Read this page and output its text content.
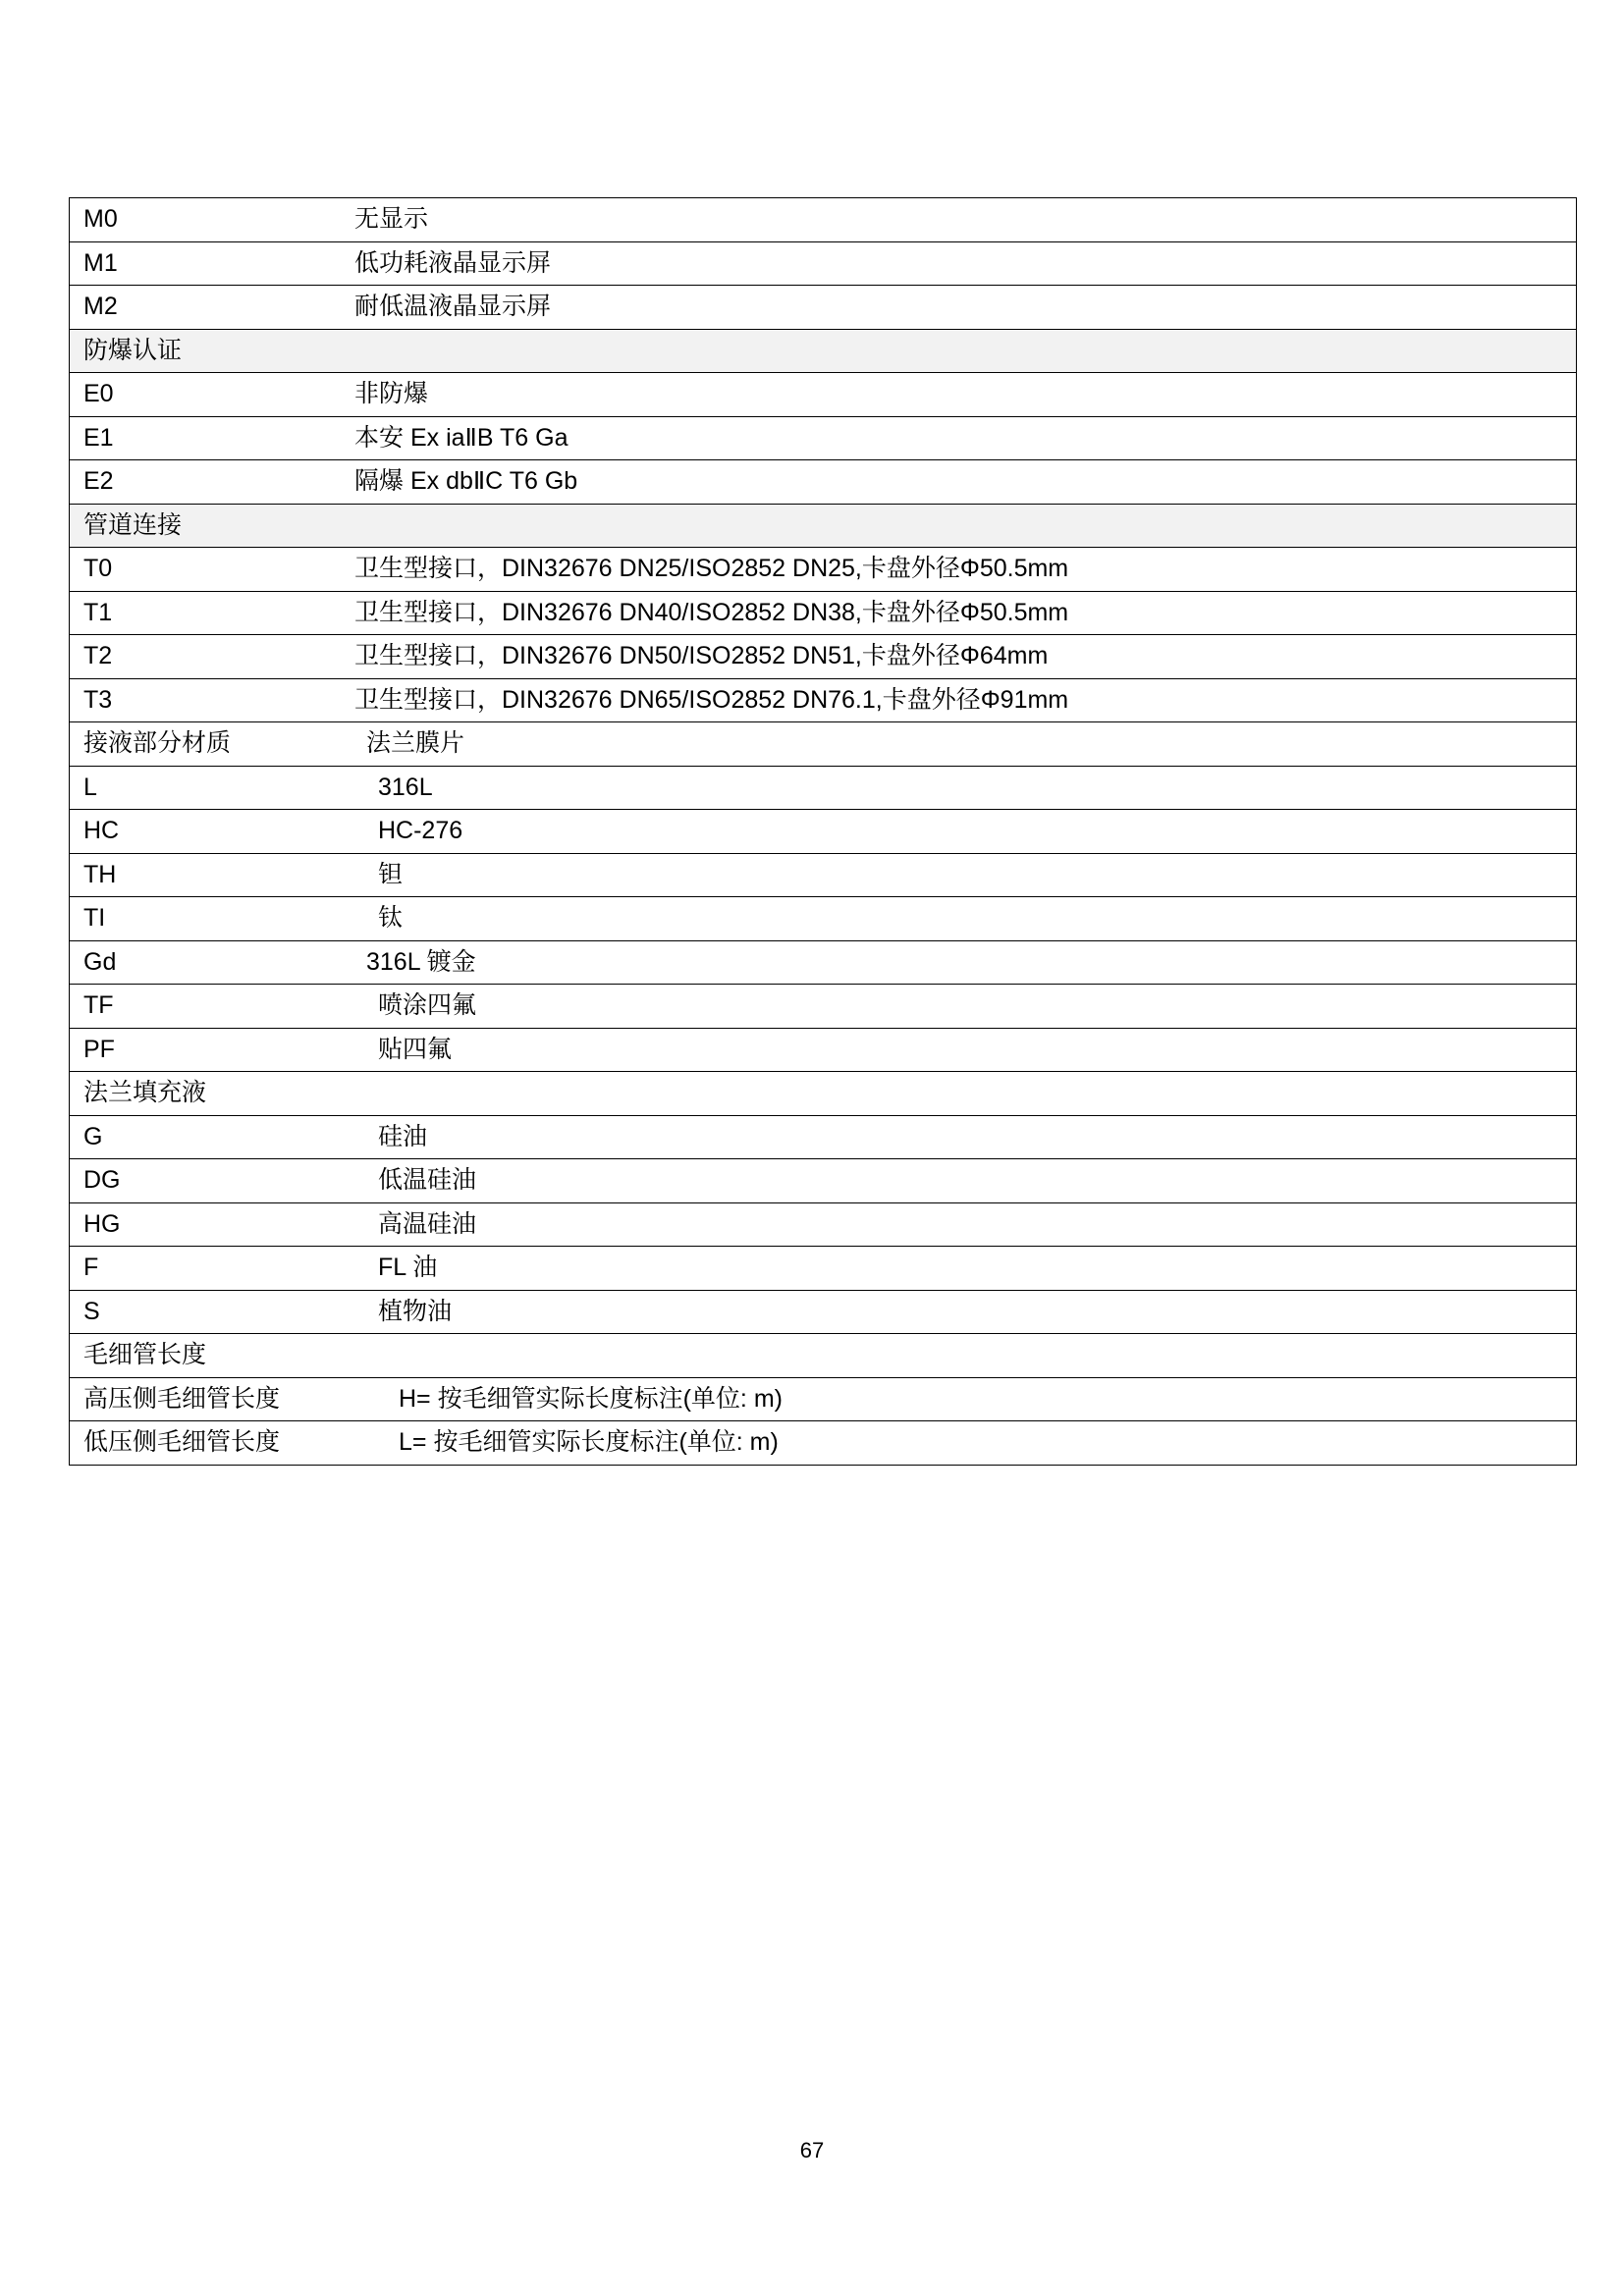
M0	无显示
M1	低功耗液晶显示屏
M2	耐低温液晶显示屏
防爆认证	
E0	非防爆
E1	本安 Ex iaⅡB T6 Ga
E2	隔爆 Ex dbⅡC T6 Gb
管道连接	
T0	卫生型接口，DIN32676 DN25/ISO2852 DN25,卡盘外径Φ50.5mm
T1	卫生型接口，DIN32676 DN40/ISO2852 DN38,卡盘外径Φ50.5mm
T2	卫生型接口，DIN32676 DN50/ISO2852 DN51,卡盘外径Φ64mm
T3	卫生型接口，DIN32676 DN65/ISO2852 DN76.1,卡盘外径Φ91mm
接液部分材质	法兰膜片
L	316L
HC	HC-276
TH	钽
TI	钛
Gd	316L 镀金
TF	喷涂四氟
PF	贴四氟
法兰填充液	
G	硅油
DG	低温硅油
HG	高温硅油
F	FL 油
S	植物油
毛细管长度	
高压侧毛细管长度	H= 按毛细管实际长度标注(单位: m)
低压侧毛细管长度	L= 按毛细管实际长度标注(单位: m)
67
